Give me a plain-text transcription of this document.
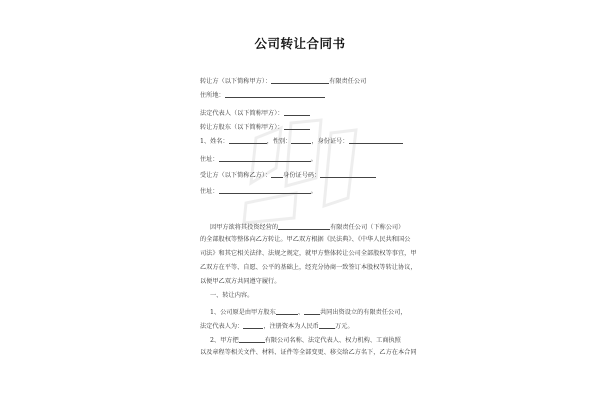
公司转让合同书
转让方（以下简称甲方）：	有限责任公司
住所地：
法定代表人（以下简称甲方）：
转让方股东（以下简称甲方）：
1、姓名：	，性别：	，身份证号：
住址：	。
受让方（以下简称乙方）： 身份证号码：
住址：	。
因甲方欲将其投资经营的	有限责任公司（下称公司）
的全部股权等整体向乙方转让。甲乙双方根据《民法典》、《中华人民共和国公
司法》和其它相关法律、法规之规定，就甲方整体转让公司全部股权等事宜，甲
乙双方在平等、自愿、公平的基础上，经充分协商一致签订本股权等转让协议，
以便甲乙双方共同遵守履行。
一、转让内容。
1、公司原是由甲方股东	、	共同出资设立的有限责任公司，
法定代表人为：	，注册资本为人民币	万元。
2、甲方把	有限公司名称、法定代表人、权力机构、工商执照
以及章程等相关文件、材料、证件等全部变更、移交给乙方名下，乙方在本合同
